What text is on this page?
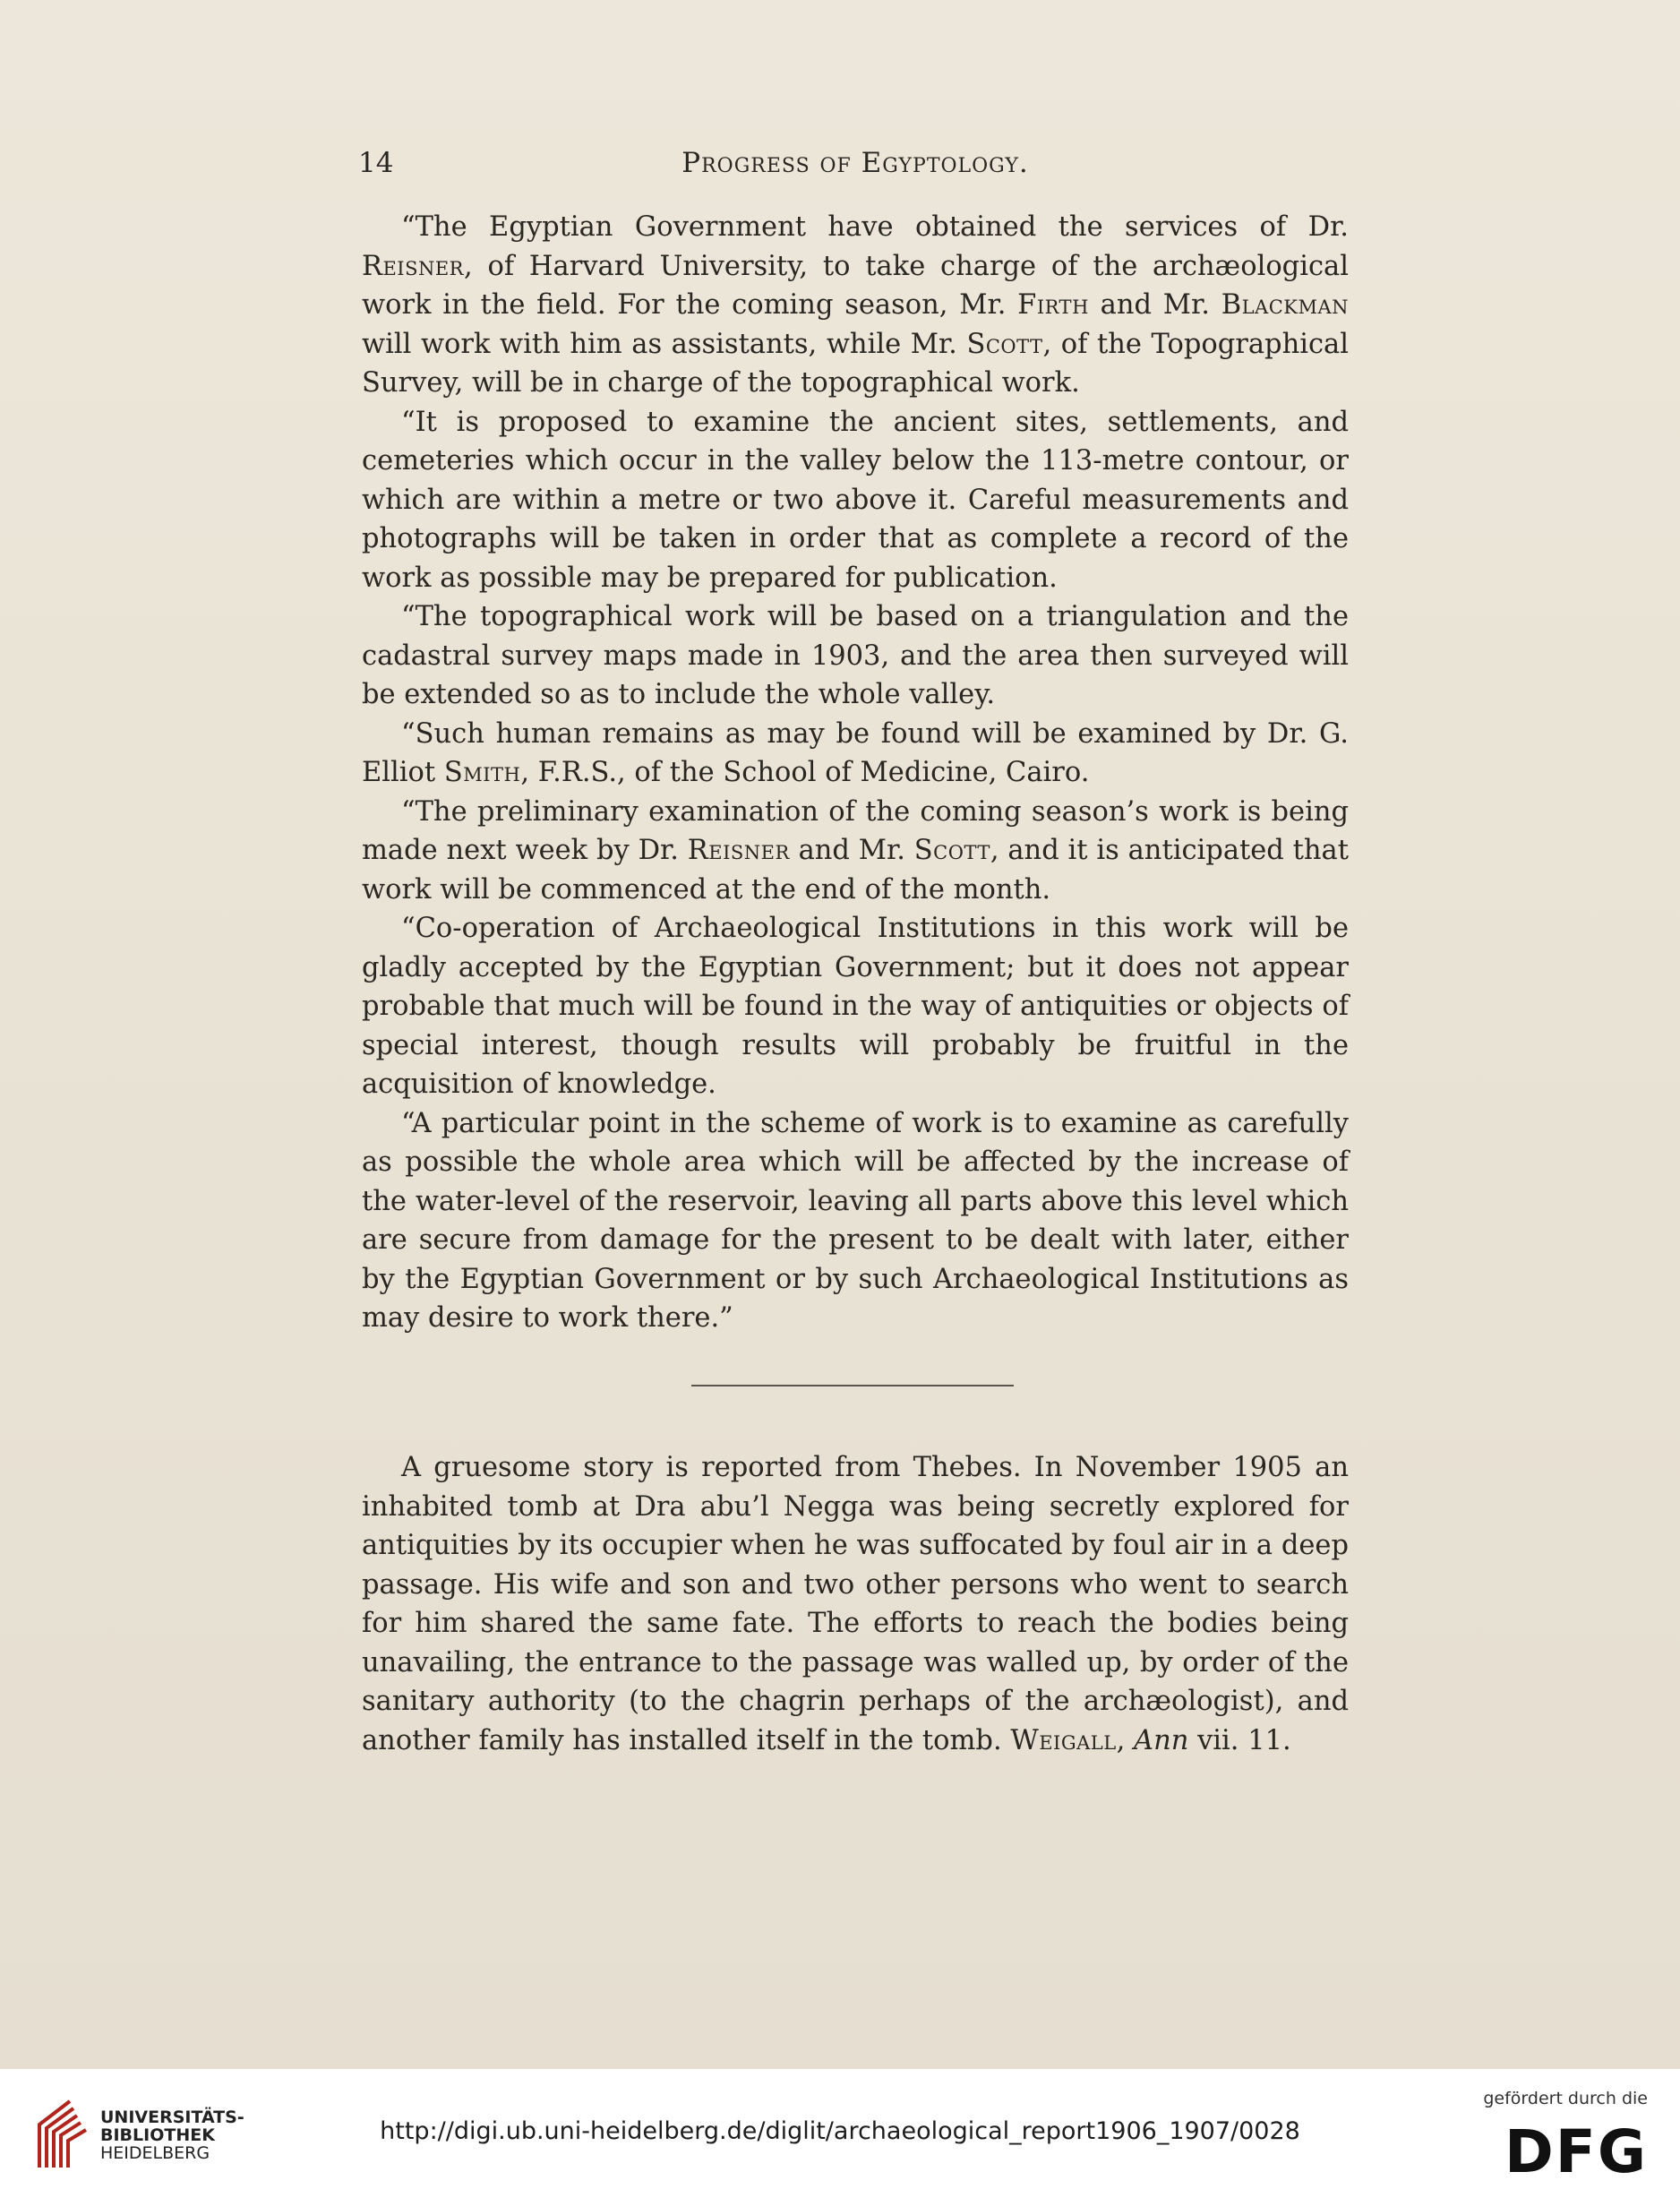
14	Progress of Egyptology.

“The Egyptian Government have obtained the services of Dr. Reisner, of Harvard University, to take charge of the archæological work in the field. For the coming season, Mr. Firth and Mr. Blackman will work with him as assistants, while Mr. Scott, of the Topographical Survey, will be in charge of the topographical work.

“It is proposed to examine the ancient sites, settlements, and cemeteries which occur in the valley below the 113-metre contour, or which are within a metre or two above it. Careful measurements and photographs will be taken in order that as complete a record of the work as possible may be prepared for publication.

“The topographical work will be based on a triangulation and the cadastral survey maps made in 1903, and the area then surveyed will be extended so as to include the whole valley.

“Such human remains as may be found will be examined by Dr. G. Elliot Smith, F.R.S., of the School of Medicine, Cairo.

“The preliminary examination of the coming season’s work is being made next week by Dr. Reisner and Mr. Scott, and it is anticipated that work will be commenced at the end of the month.

“Co-operation of Archaeological Institutions in this work will be gladly accepted by the Egyptian Government; but it does not appear probable that much will be found in the way of antiquities or objects of special interest, though results will probably be fruitful in the acquisition of knowledge.

“A particular point in the scheme of work is to examine as carefully as possible the whole area which will be affected by the increase of the water-level of the reservoir, leaving all parts above this level which are secure from damage for the present to be dealt with later, either by the Egyptian Government or by such Archaeological Institutions as may desire to work there.”

A gruesome story is reported from Thebes. In November 1905 an inhabited tomb at Dra abu’l Negga was being secretly explored for antiquities by its occupier when he was suffocated by foul air in a deep passage. His wife and son and two other persons who went to search for him shared the same fate. The efforts to reach the bodies being unavailing, the entrance to the passage was walled up, by order of the sanitary authority (to the chagrin perhaps of the archæologist), and another family has installed itself in the tomb. Weigall, Ann vii. 11.

UNIVERSITÄTS-
BIBLIOTHEK
HEIDELBERG
http://digi.ub.uni-heidelberg.de/diglit/archaeological_report1906_1907/0028
gefördert durch die
DFG
